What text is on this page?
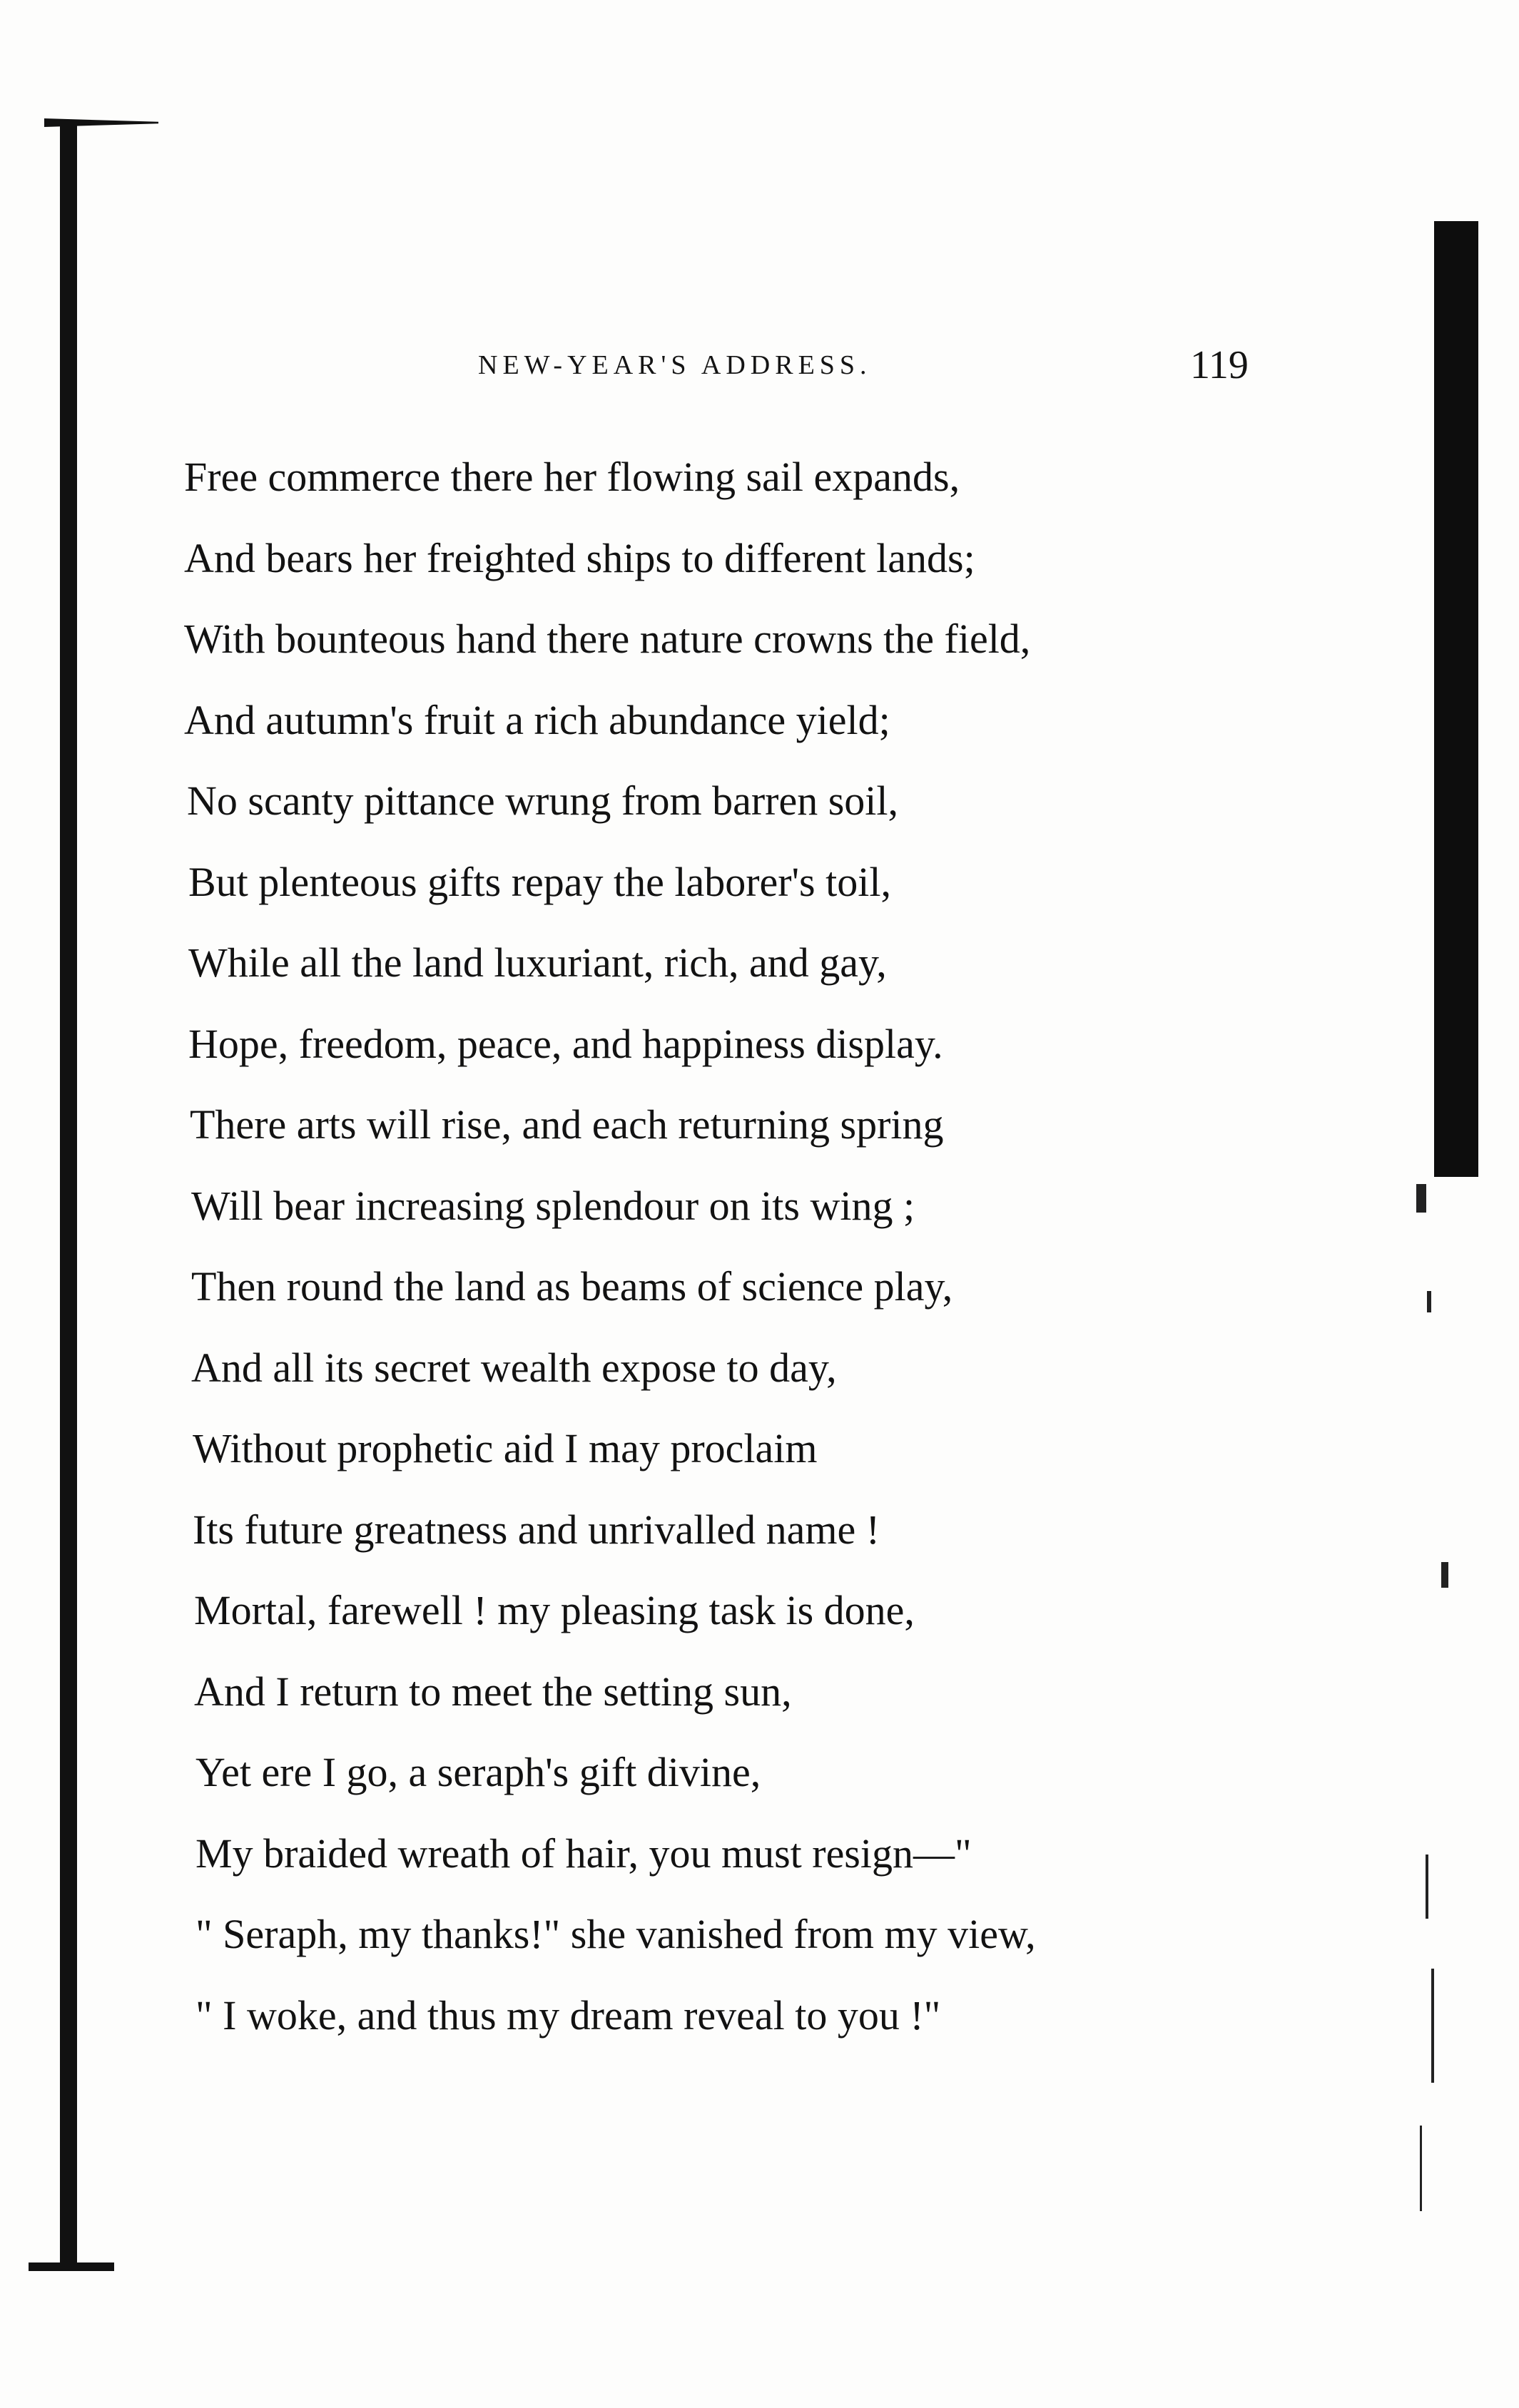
NEW-YEAR'S ADDRESS.	119
Free commerce there her flowing sail expands,
And bears her freighted ships to different lands;
With bounteous hand there nature crowns the field,
And autumn's fruit a rich abundance yield;
No scanty pittance wrung from barren soil,
But plenteous gifts repay the laborer's toil,
While all the land luxuriant, rich, and gay,
Hope, freedom, peace, and happiness display.
There arts will rise, and each returning spring
Will bear increasing splendour on its wing ;
Then round the land as beams of science play,
And all its secret wealth expose to day,
Without prophetic aid I may proclaim
Its future greatness and unrivalled name !
Mortal, farewell ! my pleasing task is done,
And I return to meet the setting sun,
Yet ere I go, a seraph's gift divine,
My braided wreath of hair, you must resign—"
" Seraph, my thanks!" she vanished from my view,
" I woke, and thus my dream reveal to you !"
